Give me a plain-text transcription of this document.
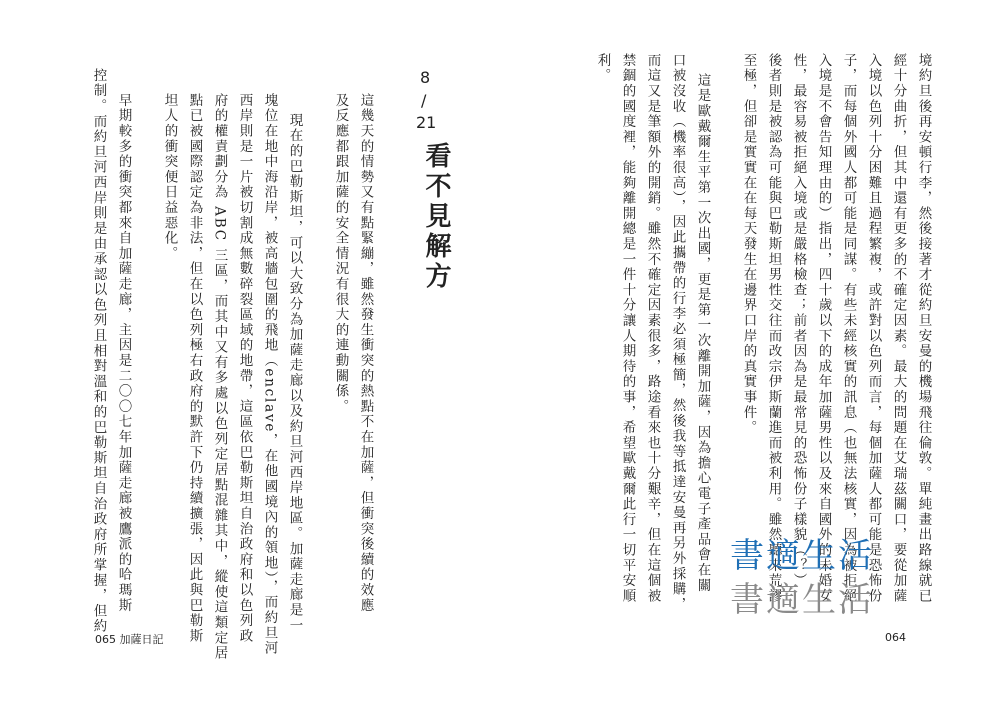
8
/
21
看不見解方
這幾天的情勢又有點緊繃，雖然發生衝突的熱點不在加薩，但衝突後續的效應
及反應都跟加薩的安全情況有很大的連動關係。
現在的巴勒斯坦，可以大致分為加薩走廊以及約旦河西岸地區。加薩走廊是一
塊位在地中海沿岸，被高牆包圍的飛地（enclave，在他國境內的領地），而約旦河
西岸則是一片被切割成無數碎裂區域的地帶，這區依巴勒斯坦自治政府和以色列政
府的權責劃分為 ABC 三區，而其中又有多處以色列定居點混雜其中，縱使這類定居
點已被國際認定為非法，但在以色列極右政府的默許下仍持續擴張，因此與巴勒斯
坦人的衝突便日益惡化。
早期較多的衝突都來自加薩走廊，主因是二〇〇七年加薩走廊被鷹派的哈瑪斯
控制。而約旦河西岸則是由承認以色列且相對溫和的巴勒斯坦自治政府所掌握，但約
065 加薩日記
境約旦後再安頓行李，然後接著才從約旦安曼的機場飛往倫敦。單純畫出路線就已
經十分曲折，但其中還有更多的不確定因素。最大的問題在艾瑞茲關口，要從加薩
入境以色列十分困難且過程繁複，或許對以色列而言，每個加薩人都可能是恐怖份
子，而每個外國人都可能是同謀。有些未經核實的訊息（也無法核實，因為被拒絕
入境是不會告知理由的）指出，四十歲以下的成年加薩男性以及來自國外的未婚女
性，最容易被拒絕入境或是嚴格檢查；前者因為是最常見的恐怖份子樣貌（？）
後者則是被認為可能與巴勒斯坦男性交往而改宗伊斯蘭進而被利用。雖然聽來荒謬
至極，但卻是實實在在每天發生在邊界口岸的真實事件。
這是歐戴爾生平第一次出國，更是第一次離開加薩，因為擔心電子產品會在關
口被沒收（機率很高），因此攜帶的行李必須極簡，然後我等抵達安曼再另外採購，
而這又是筆額外的開銷。雖然不確定因素很多，路途看來也十分艱辛，但在這個被
禁錮的國度裡，能夠離開總是一件十分讓人期待的事，希望歐戴爾此行一切平安順
利。
064
書適生活
書適生活
